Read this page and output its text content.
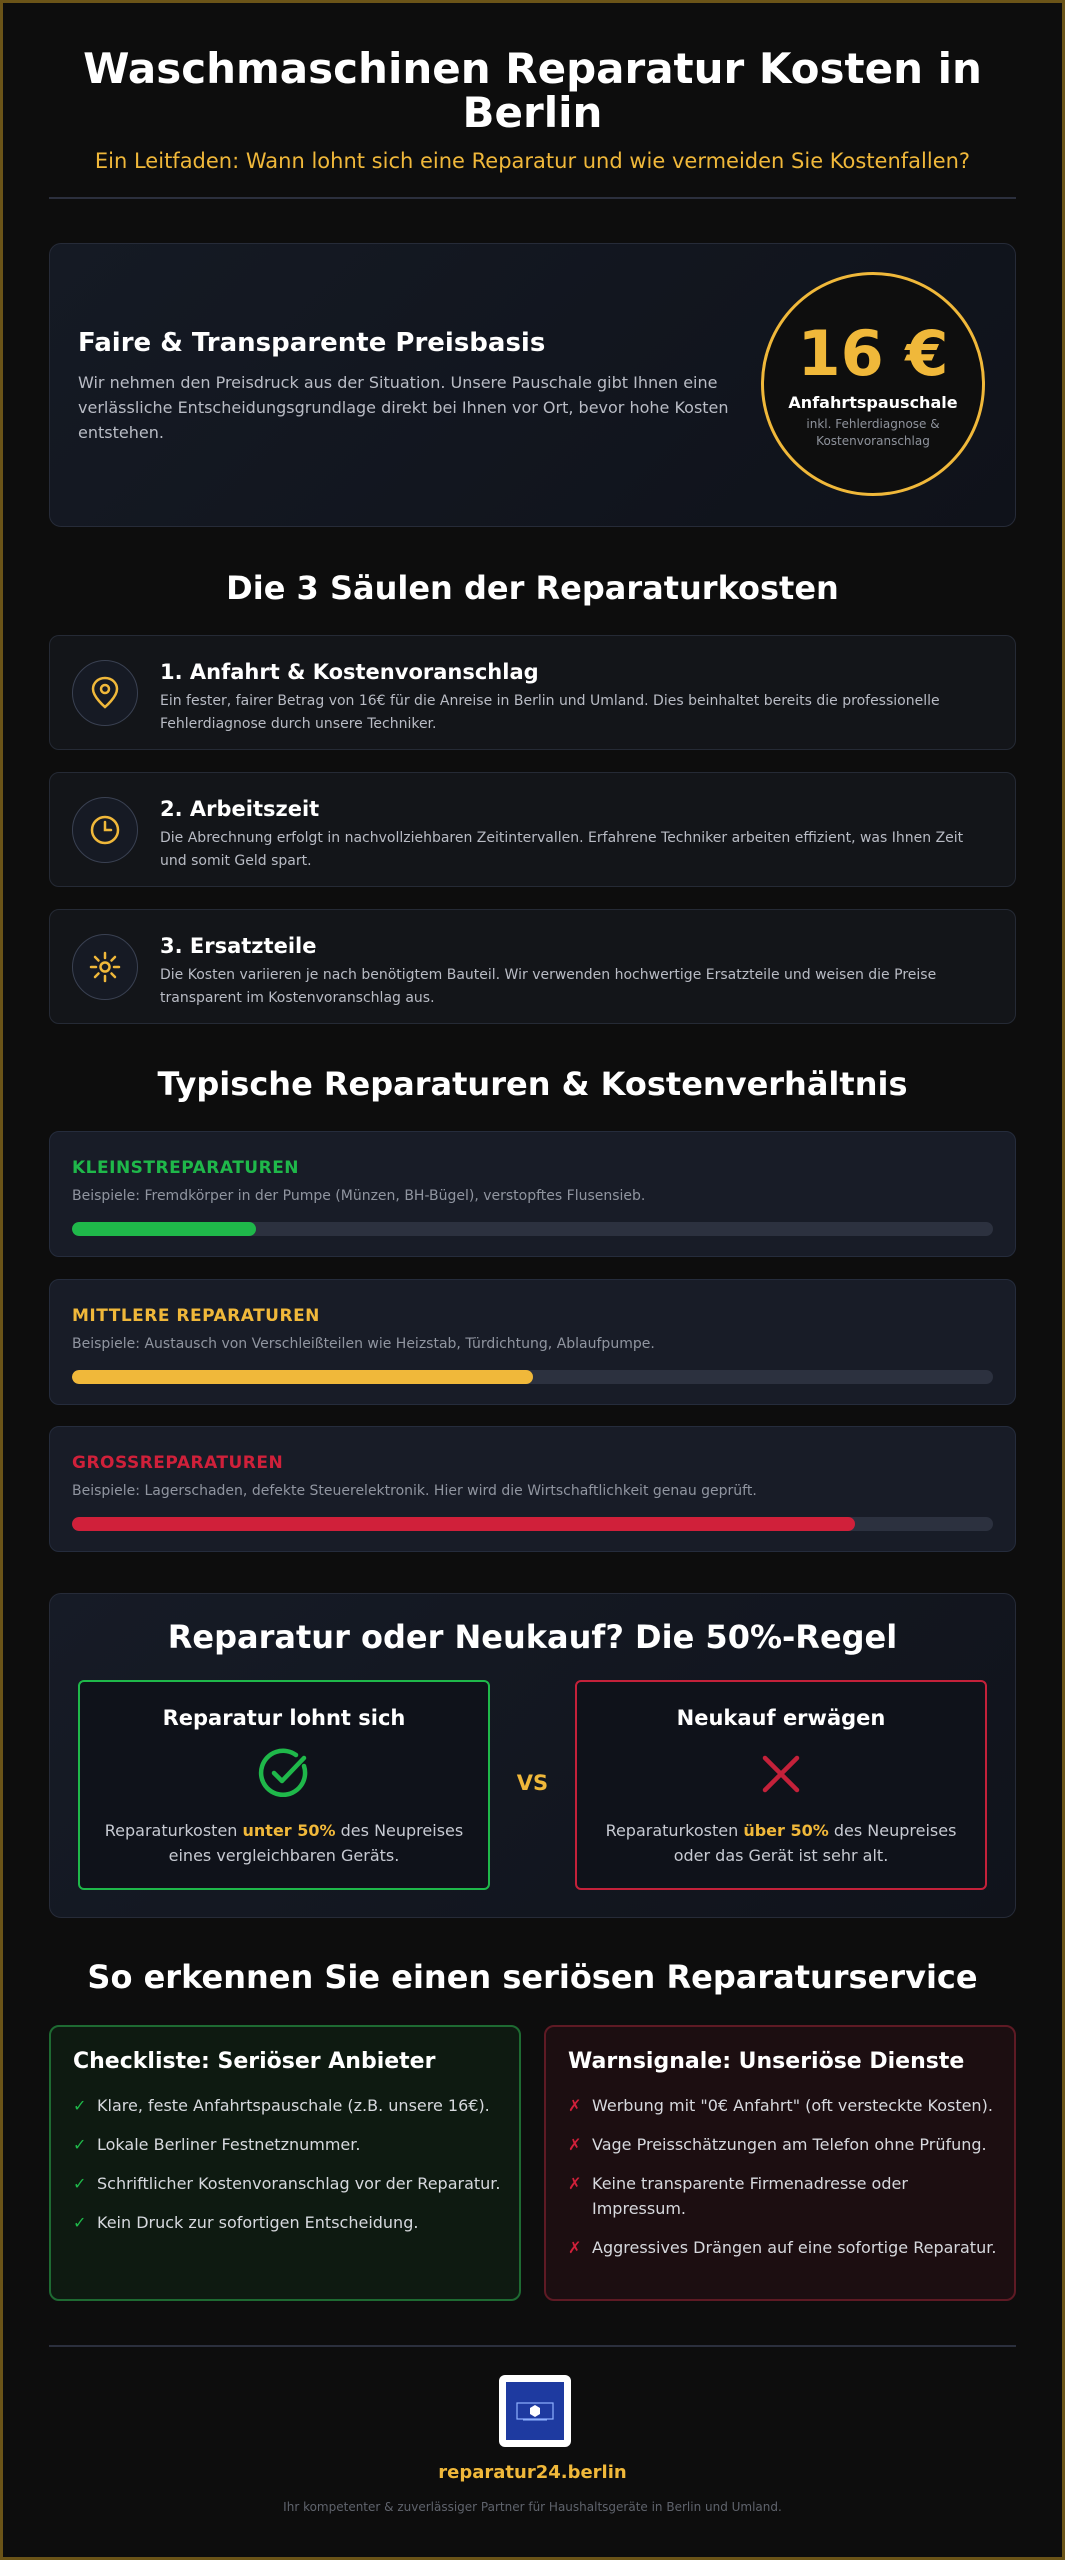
Waschmaschinen Reparatur Kosten in Berlin
Ein Leitfaden: Wann lohnt sich eine Reparatur und wie vermeiden Sie Kostenfallen?
Faire & Transparente Preisbasis
Wir nehmen den Preisdruck aus der Situation. Unsere Pauschale gibt Ihnen eine verlässliche Entscheidungsgrundlage direkt bei Ihnen vor Ort, bevor hohe Kosten entstehen.
16 €
Anfahrtspauschale
inkl. Fehlerdiagnose & Kostenvoranschlag
Die 3 Säulen der Reparaturkosten
1. Anfahrt & Kostenvoranschlag
Ein fester, fairer Betrag von 16€ für die Anreise in Berlin und Umland. Dies beinhaltet bereits die professionelle Fehlerdiagnose durch unsere Techniker.
2. Arbeitszeit
Die Abrechnung erfolgt in nachvollziehbaren Zeitintervallen. Erfahrene Techniker arbeiten effizient, was Ihnen Zeit und somit Geld spart.
3. Ersatzteile
Die Kosten variieren je nach benötigtem Bauteil. Wir verwenden hochwertige Ersatzteile und weisen die Preise transparent im Kostenvoranschlag aus.
Typische Reparaturen & Kostenverhältnis
KLEINSTREPARATUREN
Beispiele: Fremdkörper in der Pumpe (Münzen, BH-Bügel), verstopftes Flusensieb.
MITTLERE REPARATUREN
Beispiele: Austausch von Verschleißteilen wie Heizstab, Türdichtung, Ablaufpumpe.
GROSSREPARATUREN
Beispiele: Lagerschaden, defekte Steuerelektronik. Hier wird die Wirtschaftlichkeit genau geprüft.
Reparatur oder Neukauf? Die 50%-Regel
Reparatur lohnt sich
Reparaturkosten unter 50% des Neupreises eines vergleichbaren Geräts.
VS
Neukauf erwägen
Reparaturkosten über 50% des Neupreises oder das Gerät ist sehr alt.
So erkennen Sie einen seriösen Reparaturservice
Checkliste: Seriöser Anbieter
✓ Klare, feste Anfahrtspauschale (z.B. unsere 16€).
✓ Lokale Berliner Festnetznummer.
✓ Schriftlicher Kostenvoranschlag vor der Reparatur.
✓ Kein Druck zur sofortigen Entscheidung.
Warnsignale: Unseriöse Dienste
✗ Werbung mit "0€ Anfahrt" (oft versteckte Kosten).
✗ Vage Preisschätzungen am Telefon ohne Prüfung.
✗ Keine transparente Firmenadresse oder Impressum.
✗ Aggressives Drängen auf eine sofortige Reparatur.
reparatur24.berlin
Ihr kompetenter & zuverlässiger Partner für Haushaltsgeräte in Berlin und Umland.
